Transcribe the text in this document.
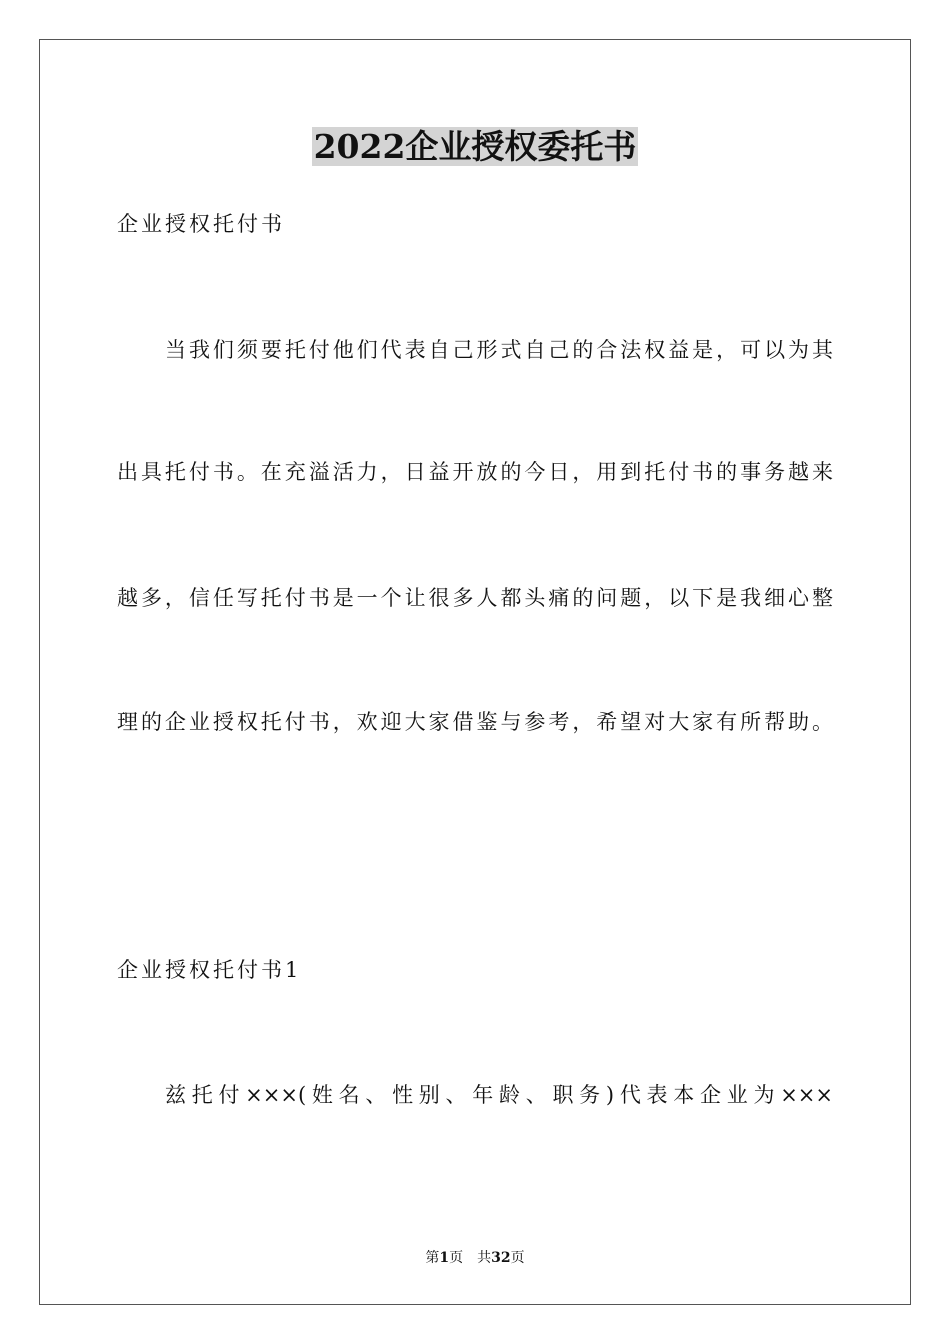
2022企业授权委托书

企业授权托付书

当我们须要托付他们代表自己形式自己的合法权益是，可以为其

出具托付书。在充溢活力，日益开放的今日，用到托付书的事务越来

越多，信任写托付书是一个让很多人都头痛的问题，以下是我细心整

理的企业授权托付书，欢迎大家借鉴与参考，希望对大家有所帮助。

企业授权托付书1

兹托付×××(姓名、性别、年龄、职务)代表本企业为×××

第1页 共32页
